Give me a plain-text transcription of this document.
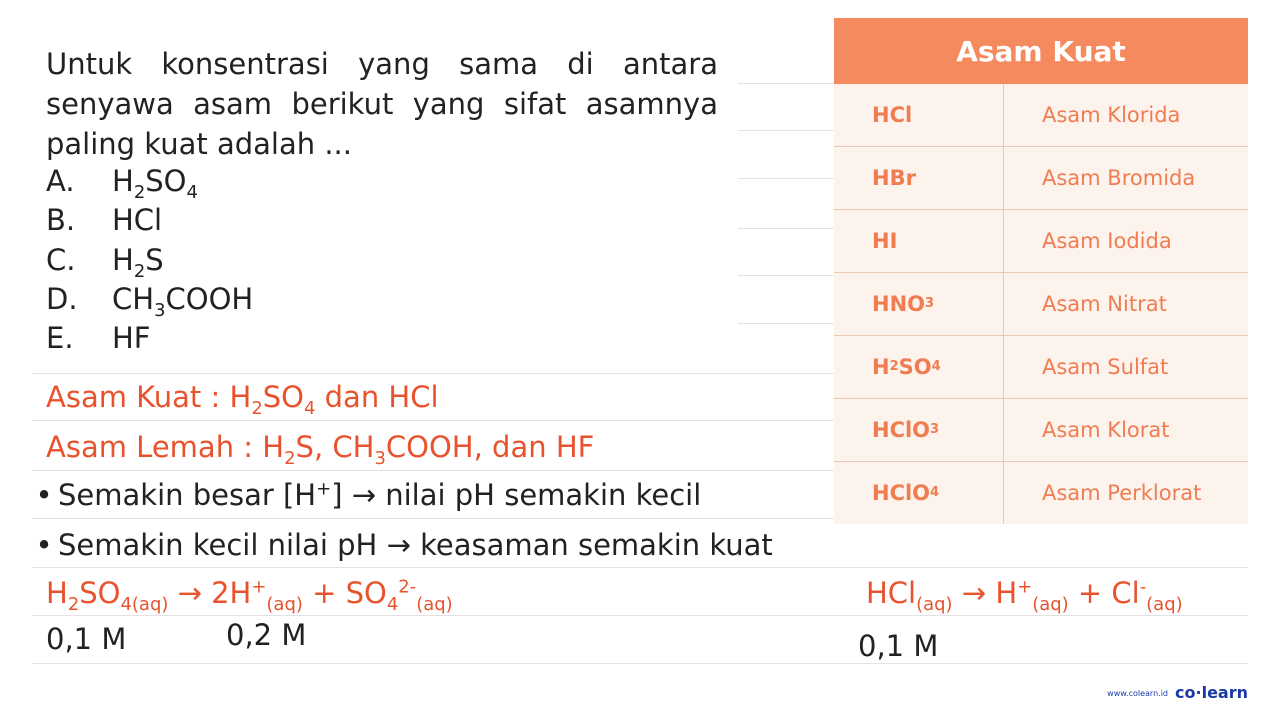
Untuk konsentrasi yang sama di antara senyawa asam berikut yang sifat asamnya paling kuat adalah ...
A. $H_2SO_4$
B. HCl
C. $H_2S$
D. $CH_3COOH$
E. HF
Asam Kuat : $H_2SO_4$ dan HCl
Asam Lemah : $H_2S$, $CH_3COOH$, dan HF
• Semakin besar [H+] → nilai pH semakin kecil
• Semakin kecil nilai pH → keasaman semakin kuat
$H_2SO_{4(aq)} \to 2H^+_{(aq)} + SO_4^{2-}_{(aq)}$	$HCl_{(aq)} \to H^+_{(aq)} + Cl^-_{(aq)}$
0,1 M	0,2 M	0,1 M
Asam Kuat
HCl	Asam Klorida
HBr	Asam Bromida
HI	Asam Iodida
HNO 3	Asam Nitrat
H 2 SO 4	Asam Sulfat
HClO 3	Asam Klorat
HClO 4	Asam Perklorat
www.colearn.id co·learn
